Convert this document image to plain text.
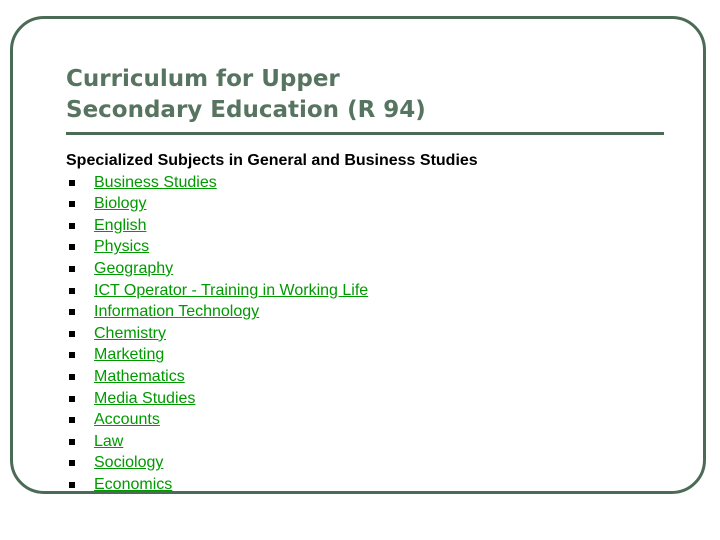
Curriculum for Upper
Secondary Education (R 94)

Specialized Subjects in General and Business Studies

Business Studies
Biology
English
Physics
Geography
ICT Operator - Training in Working Life
Information Technology
Chemistry
Marketing
Mathematics
Media Studies
Accounts
Law
Sociology
Economics
